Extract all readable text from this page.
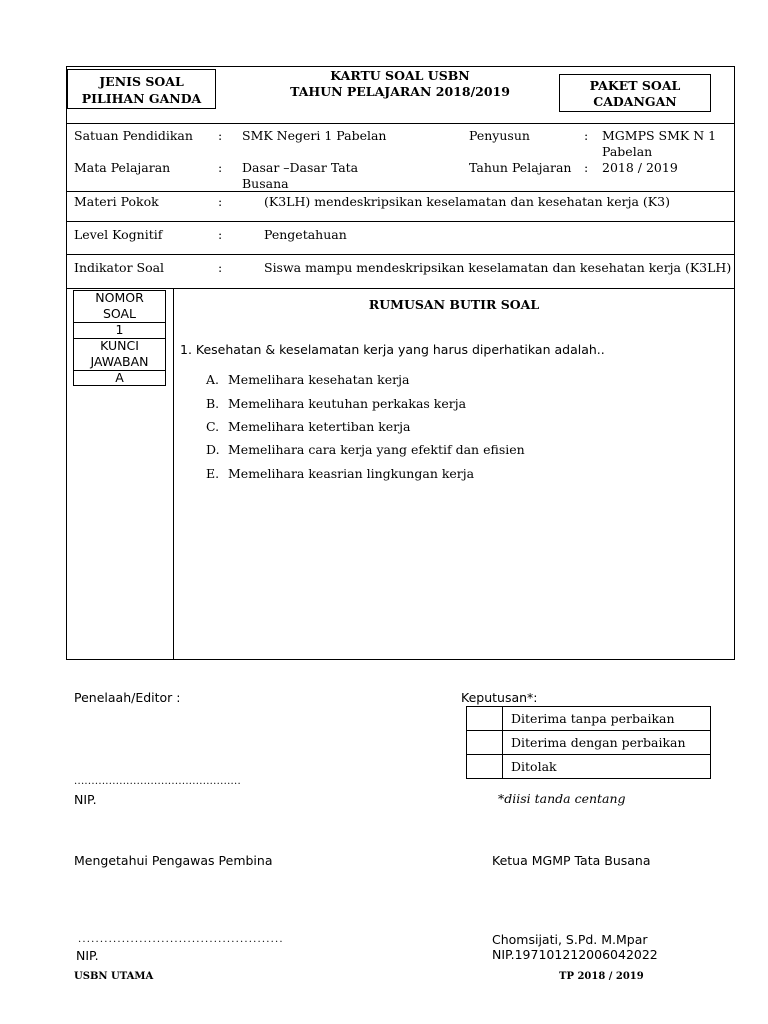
JENIS SOAL
PILIHAN GANDA
KARTU SOAL USBN
TAHUN PELAJARAN 2018/2019	PAKET SOAL
CADANGAN
Satuan Pendidikan : SMK Negeri 1 Pabelan	Penyusun	: MGMPS SMK N 1
Pabelan
Mata Pelajaran	: Dasar –Dasar Tata
Busana
Tahun Pelajaran : 2018 / 2019
Materi Pokok	:	(K3LH) mendeskripsikan keselamatan dan kesehatan kerja (K3)
Level Kognitif	:	Pengetahuan
Indikator Soal	:	Siswa mampu mendeskripsikan keselamatan dan kesehatan kerja (K3LH)
NOMOR
SOAL
1
KUNCI
JAWABAN
A
RUMUSAN BUTIR SOAL
1. Kesehatan & keselamatan kerja yang harus diperhatikan adalah..
A. Memelihara kesehatan kerja
B. Memelihara keutuhan perkakas kerja
C. Memelihara ketertiban kerja
D. Memelihara cara kerja yang efektif dan efisien
E. Memelihara keasrian lingkungan kerja
Penelaah/Editor :	Keputusan*:
	Diterima tanpa perbaikan
	Diterima dengan perbaikan
	Ditolak
................................................
NIP.	*diisi tanda centang
Mengetahui Pengawas Pembina	Ketua MGMP Tata Busana
...............................................
NIP.
Chomsijati, S.Pd. M.Mpar
NIP.197101212006042022
USBN UTAMA	TP 2018 / 2019
